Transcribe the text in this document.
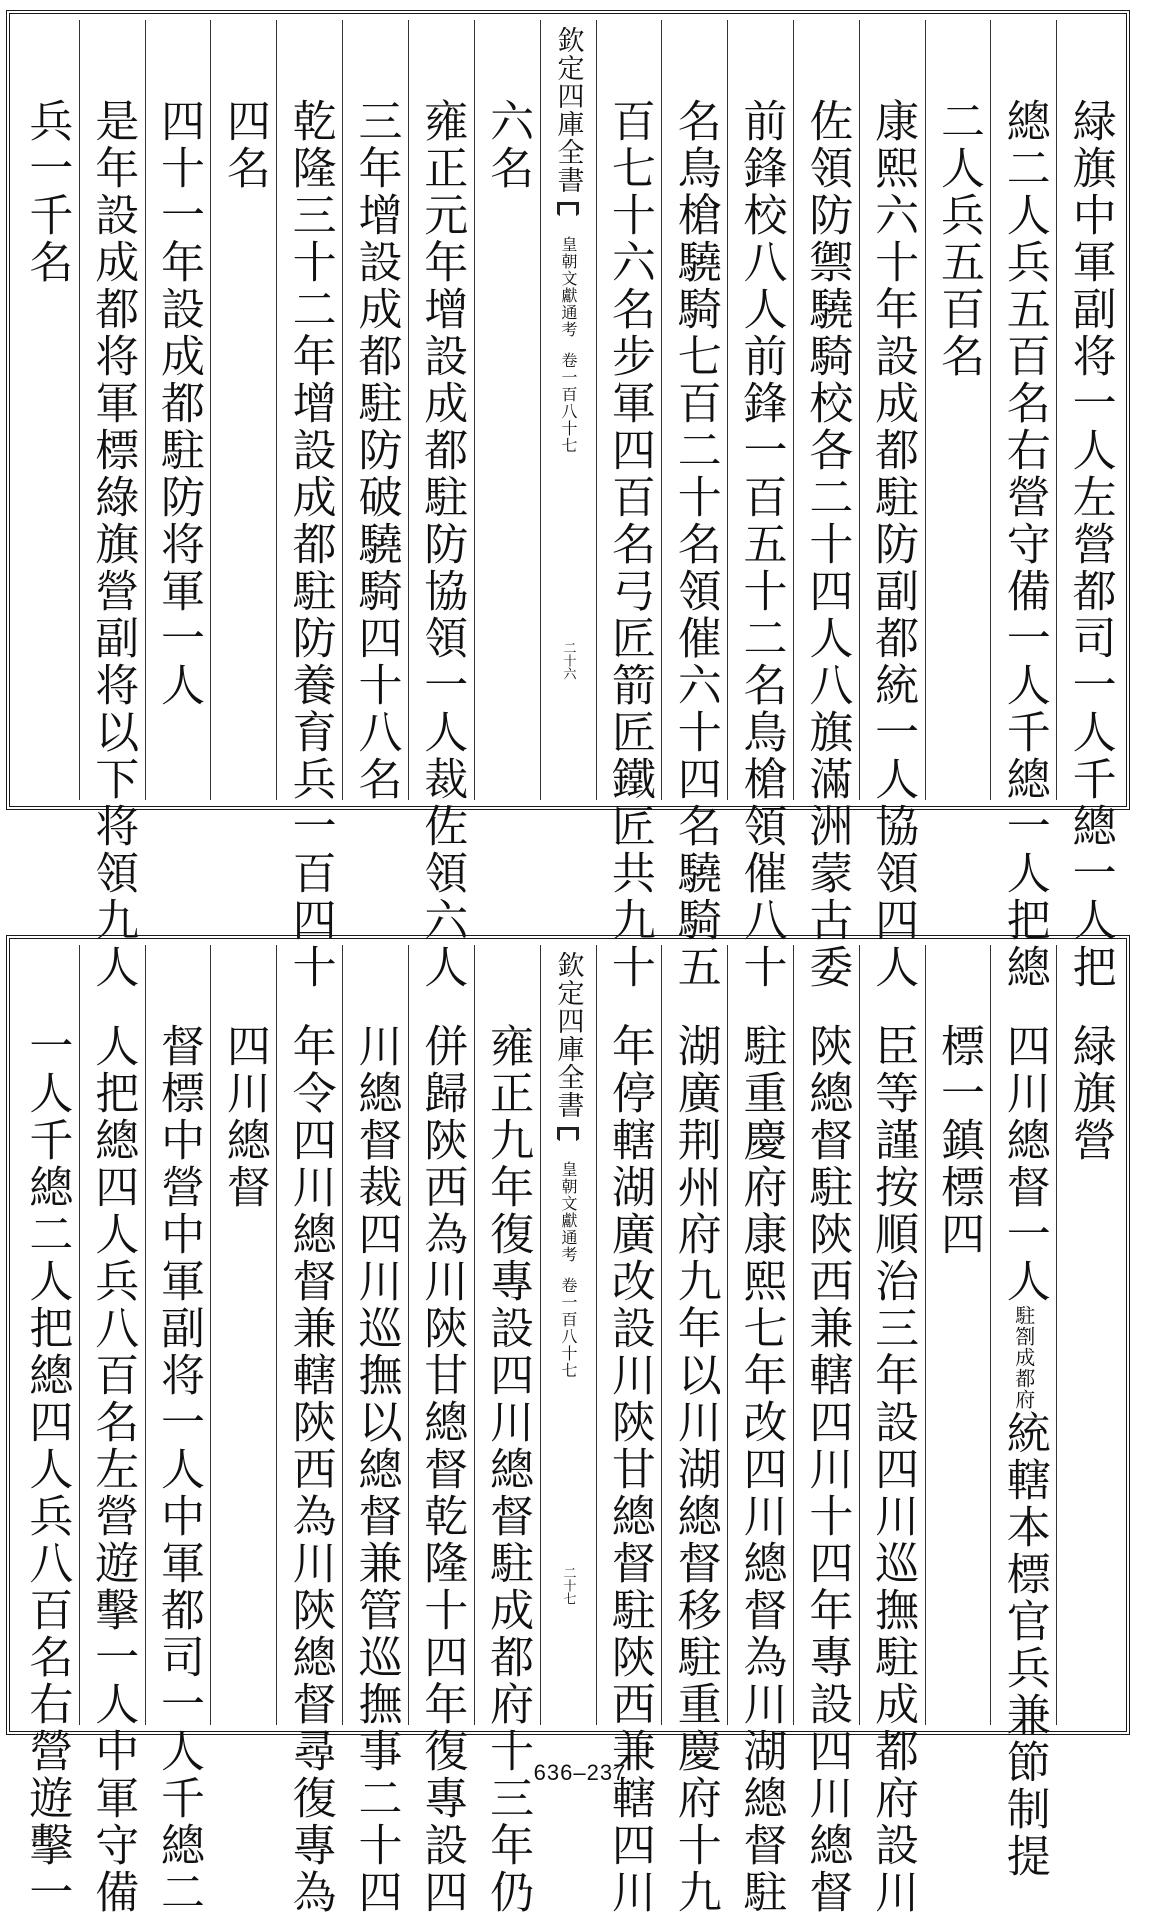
緑旗中軍副将一人左營都司一人千總一人把
總二人兵五百名右營守備一人千總一人把總
二人兵五百名
康熙六十年設成都駐防副都統一人協領四人
佐領防禦驍騎校各二十四人八旗滿洲蒙古委
前鋒校八人前鋒一百五十二名鳥槍領催八十
名鳥槍驍騎七百二十名領催六十四名驍騎五
百七十六名步軍四百名弓匠箭匠鐵匠共九十
欽定四庫全書
皇朝文獻通考
卷一百八十七
二十六
六名
雍正元年增設成都駐防協領一人裁佐領六人
三年增設成都駐防破驍騎四十八名
乾隆三十二年增設成都駐防養育兵一百四十
四名
四十一年設成都駐防将軍一人
是年設成都将軍標綠旗營副将以下将領九人
兵一千名
緑旗營
四川總督一人駐劄成都府統轄本標官兵兼節制提
標一鎮標四
臣等謹按順治三年設四川巡撫駐成都府設川
陝總督駐陝西兼轄四川十四年專設四川總督
駐重慶府康熙七年改四川總督為川湖總督駐
湖廣荆州府九年以川湖總督移駐重慶府十九
年停轄湖廣改設川陝甘總督駐陝西兼轄四川
欽定四庫全書
皇朝文獻通考
卷一百八十七
二十七
雍正九年復專設四川總督駐成都府十三年仍
併歸陝西為川陝甘總督乾隆十四年復專設四
川總督裁四川巡撫以總督兼管巡撫事二十四
年令四川總督兼轄陝西為川陝總督尋復專為
四川總督
督標中營中軍副将一人中軍都司一人千總二
人把總四人兵八百名左營遊擊一人中軍守備
一人千總二人把總四人兵八百名右營遊擊一	636–237
